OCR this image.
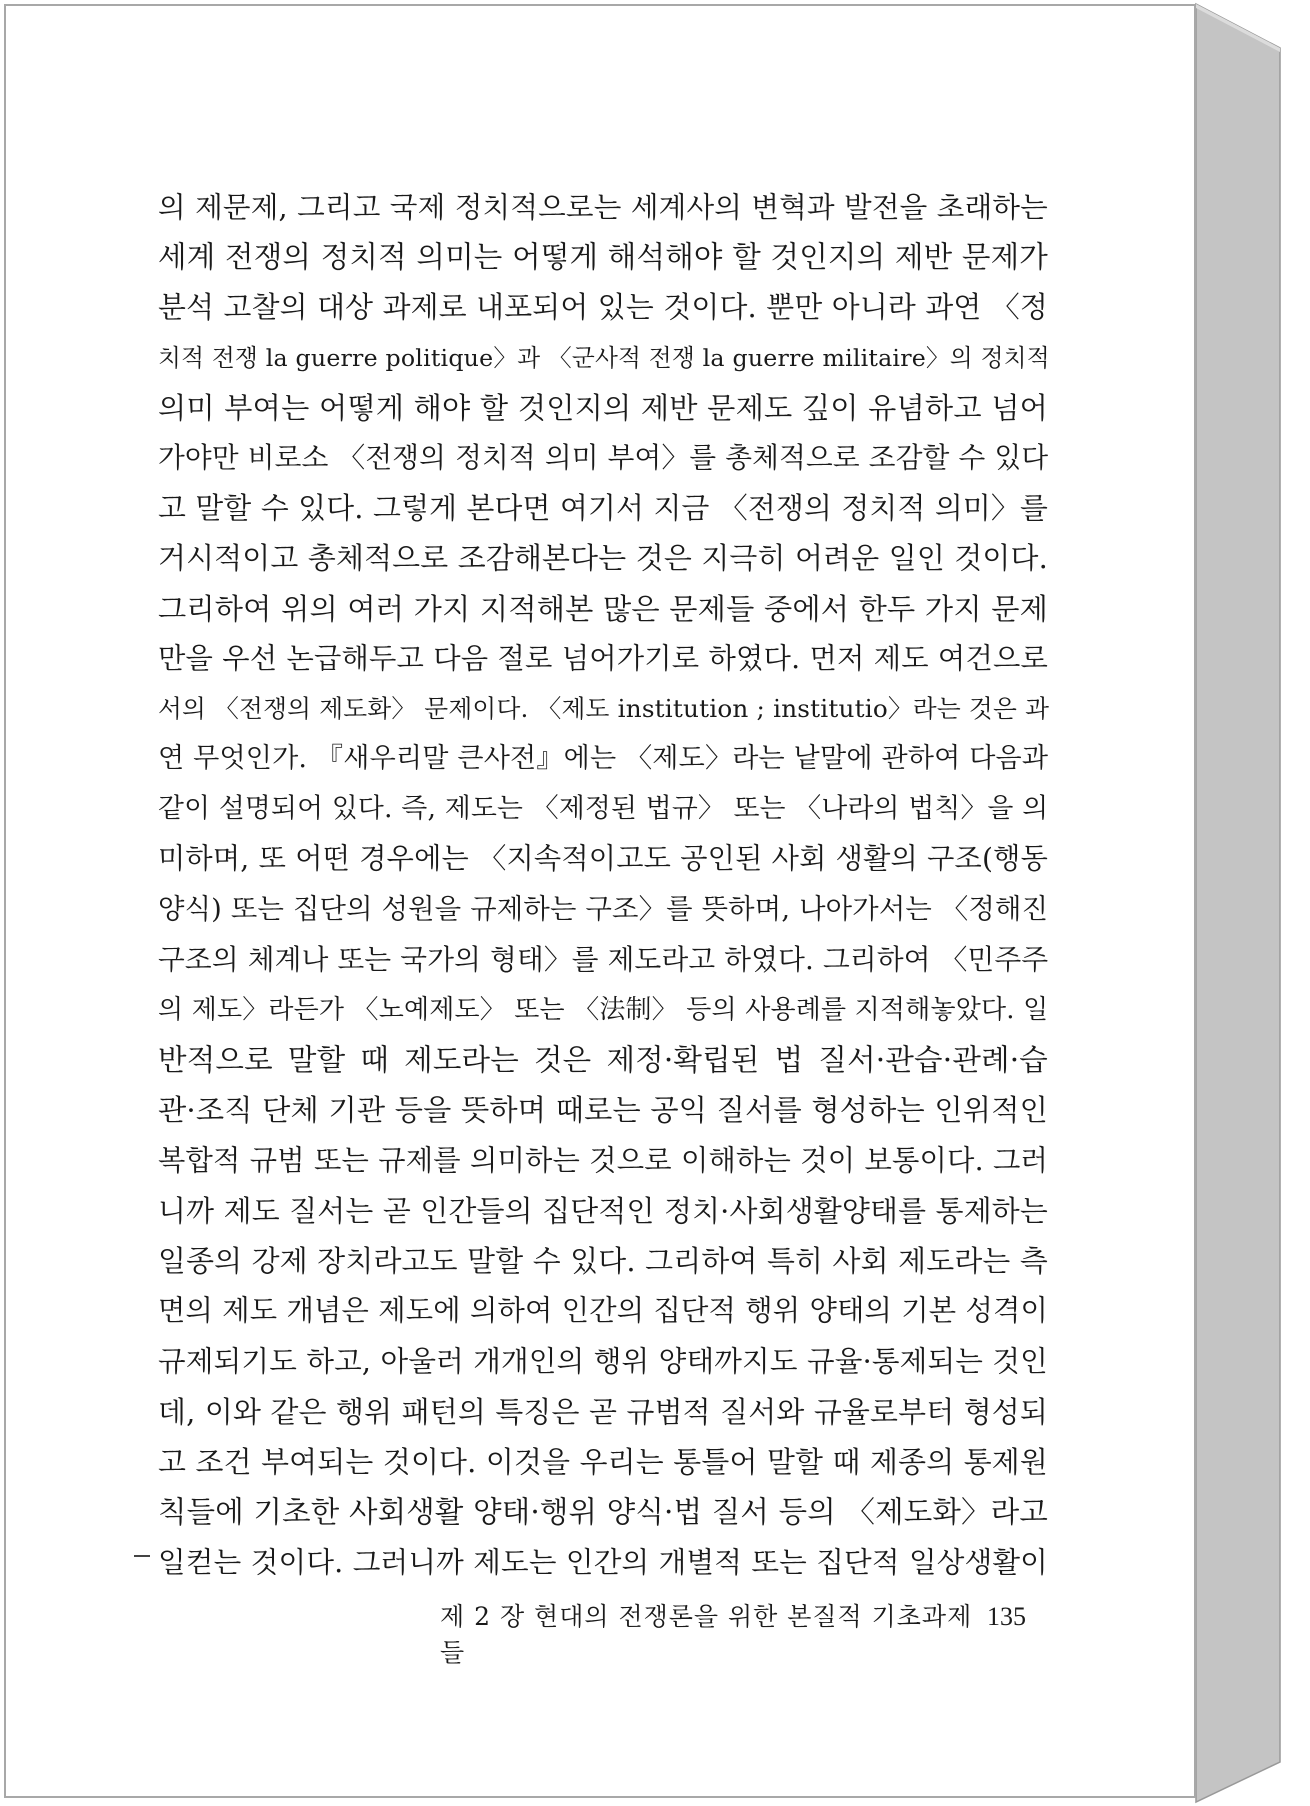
의 제문제, 그리고 국제 정치적으로는 세계사의 변혁과 발전을 초래하는
세계 전쟁의 정치적 의미는 어떻게 해석해야 할 것인지의 제반 문제가
분석 고찰의 대상 과제로 내포되어 있는 것이다. 뿐만 아니라 과연 〈정
치적 전쟁 la guerre politique〉과 〈군사적 전쟁 la guerre militaire〉의 정치적
의미 부여는 어떻게 해야 할 것인지의 제반 문제도 깊이 유념하고 넘어
가야만 비로소 〈전쟁의 정치적 의미 부여〉를 총체적으로 조감할 수 있다
고 말할 수 있다. 그렇게 본다면 여기서 지금 〈전쟁의 정치적 의미〉를
거시적이고 총체적으로 조감해본다는 것은 지극히 어려운 일인 것이다.
그리하여 위의 여러 가지 지적해본 많은 문제들 중에서 한두 가지 문제
만을 우선 논급해두고 다음 절로 넘어가기로 하였다. 먼저 제도 여건으로
서의 〈전쟁의 제도화〉 문제이다. 〈제도 institution ; institutio〉라는 것은 과
연 무엇인가. 『새우리말 큰사전』에는 〈제도〉라는 낱말에 관하여 다음과
같이 설명되어 있다. 즉, 제도는 〈제정된 법규〉 또는 〈나라의 법칙〉을 의
미하며, 또 어떤 경우에는 〈지속적이고도 공인된 사회 생활의 구조(행동
양식) 또는 집단의 성원을 규제하는 구조〉를 뜻하며, 나아가서는 〈정해진
구조의 체계나 또는 국가의 형태〉를 제도라고 하였다. 그리하여 〈민주주
의 제도〉라든가 〈노예제도〉 또는 〈法制〉 등의 사용례를 지적해놓았다. 일
반적으로 말할 때 제도라는 것은 제정·확립된 법 질서·관습·관례·습
관·조직 단체 기관 등을 뜻하며 때로는 공익 질서를 형성하는 인위적인
복합적 규범 또는 규제를 의미하는 것으로 이해하는 것이 보통이다. 그러
니까 제도 질서는 곧 인간들의 집단적인 정치·사회생활양태를 통제하는
일종의 강제 장치라고도 말할 수 있다. 그리하여 특히 사회 제도라는 측
면의 제도 개념은 제도에 의하여 인간의 집단적 행위 양태의 기본 성격이
규제되기도 하고, 아울러 개개인의 행위 양태까지도 규율·통제되는 것인
데, 이와 같은 행위 패턴의 특징은 곧 규범적 질서와 규율로부터 형성되
고 조건 부여되는 것이다. 이것을 우리는 통틀어 말할 때 제종의 통제원
칙들에 기초한 사회생활 양태·행위 양식·법 질서 등의 〈제도화〉라고
일컫는 것이다. 그러니까 제도는 인간의 개별적 또는 집단적 일상생활이
제 2 장 현대의 전쟁론을 위한 본질적 기초과제들
135
